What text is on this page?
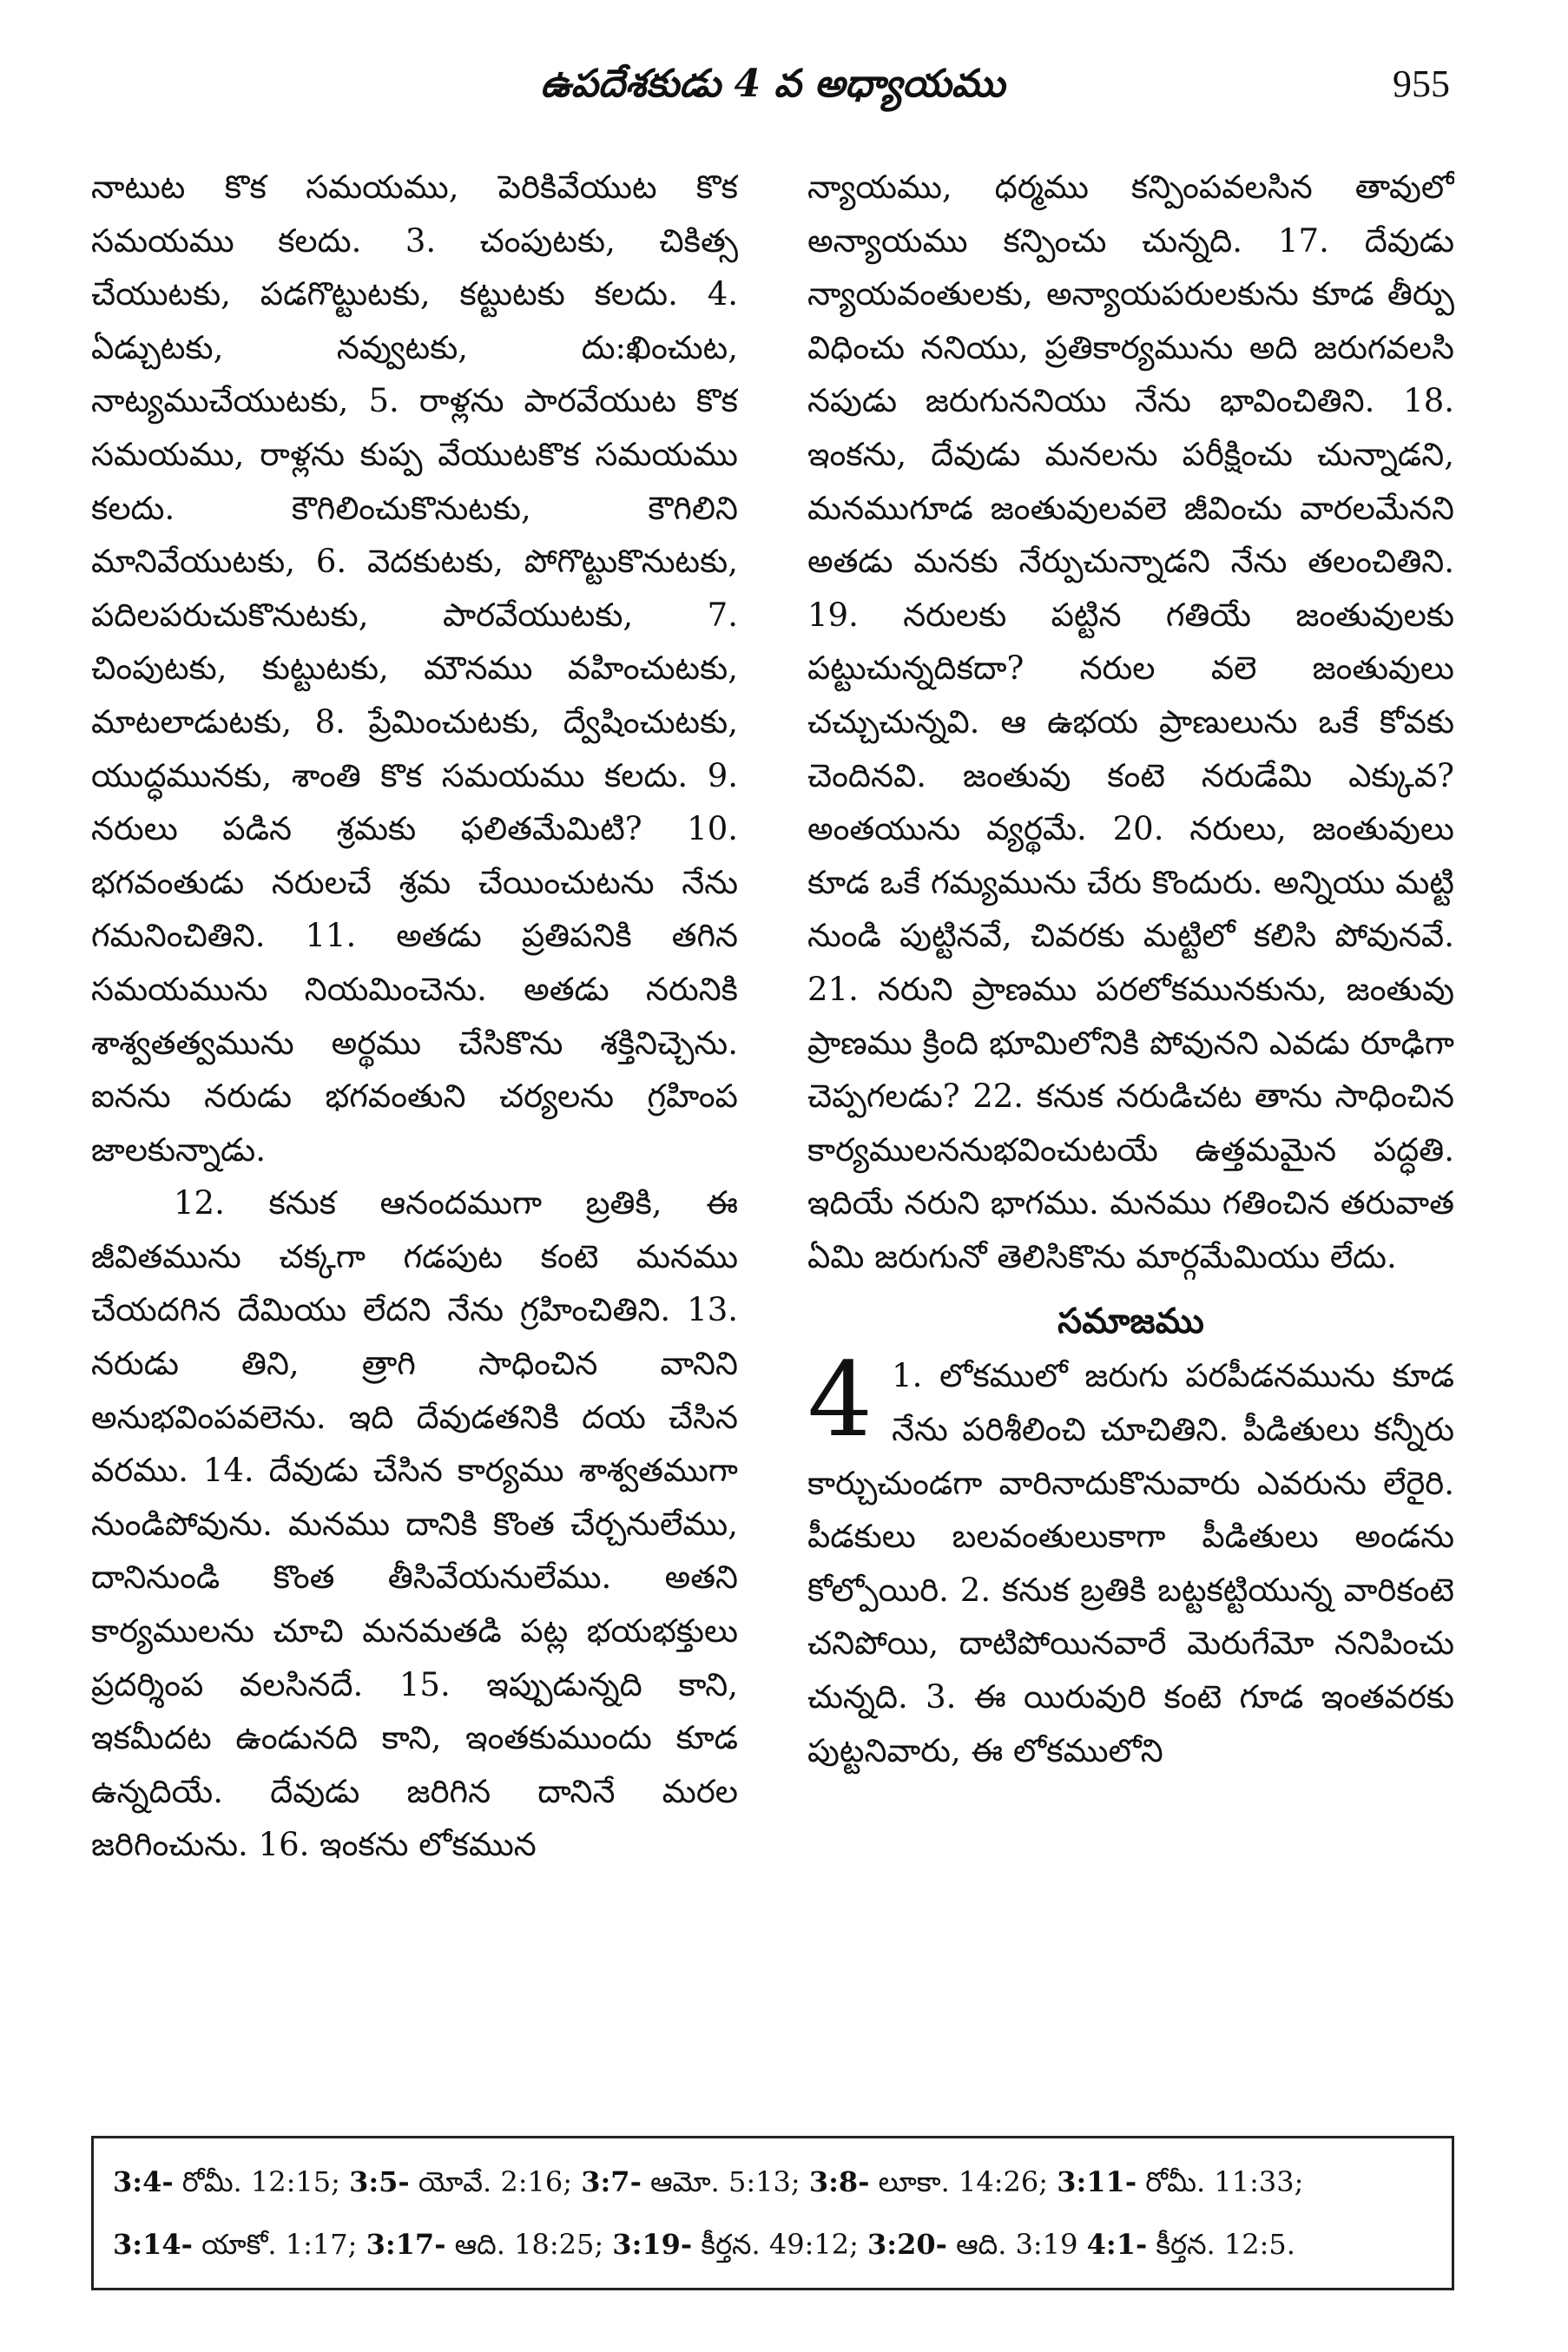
ఉపదేశకుడు 4 వ అధ్యాయము	955

నాటుట కొక సమయము, పెరికివేయుట కొక సమయము కలదు. 3. చంపుటకు, చికిత్స చేయుటకు, పడగొట్టుటకు, కట్టుటకు కలదు. 4. ఏడ్చుటకు, నవ్వుటకు, దు:ఖించుట, నాట్యముచేయుటకు, 5. రాళ్లను పారవేయుట కొక సమయము, రాళ్లను కుప్ప వేయుటకొక సమయము కలదు. కౌగిలించుకొనుటకు, కౌగిలిని మానివేయుటకు, 6. వెదకుటకు, పోగొట్టుకొనుటకు, పదిలపరుచుకొనుటకు, పారవేయుటకు, 7. చింపుటకు, కుట్టుటకు, మౌనము వహించుటకు, మాటలాడుటకు, 8. ప్రేమించుటకు, ద్వేషించుటకు, యుద్ధమునకు, శాంతి కొక సమయము కలదు. 9. నరులు పడిన శ్రమకు ఫలితమేమిటి? 10. భగవంతుడు నరులచే శ్రమ చేయించుటను నేను గమనించితిని. 11. అతడు ప్రతిపనికి తగిన సమయమును నియమించెను. అతడు నరునికి శాశ్వతత్వమును అర్థము చేసికొను శక్తినిచ్చెను. ఐనను నరుడు భగవంతుని చర్యలను గ్రహింప జాలకున్నాడు.

12. కనుక ఆనందముగా బ్రతికి, ఈ జీవితమును చక్కగా గడపుట కంటె మనము చేయదగిన దేమియు లేదని నేను గ్రహించితిని. 13. నరుడు తిని, త్రాగి సాధించిన వానిని అనుభవింపవలెను. ఇది దేవుడతనికి దయ చేసిన వరము. 14. దేవుడు చేసిన కార్యము శాశ్వతముగా నుండిపోవును. మనము దానికి కొంత చేర్చనులేము, దానినుండి కొంత తీసివేయనులేము. అతని కార్యములను చూచి మనమతడి పట్ల భయభక్తులు ప్రదర్శింప వలసినదే. 15. ఇప్పుడున్నది కాని, ఇకమీదట ఉండునది కాని, ఇంతకుముందు కూడ ఉన్నదియే. దేవుడు జరిగిన దానినే మరల జరిగించును. 16. ఇంకను లోకమున

న్యాయము, ధర్మము కన్పింపవలసిన తావులో అన్యాయము కన్పించు చున్నది. 17. దేవుడు న్యాయవంతులకు, అన్యాయపరులకును కూడ తీర్పు విధించు ననియు, ప్రతికార్యమును అది జరుగవలసి నపుడు జరుగుననియు నేను భావించితిని. 18. ఇంకను, దేవుడు మనలను పరీక్షించు చున్నాడని, మనముగూడ జంతువులవలె జీవించు వారలమేనని అతడు మనకు నేర్పుచున్నాడని నేను తలంచితిని. 19. నరులకు పట్టిన గతియే జంతువులకు పట్టుచున్నదికదా? నరుల వలె జంతువులు చచ్చుచున్నవి. ఆ ఉభయ ప్రాణులును ఒకే కోవకు చెందినవి. జంతువు కంటె నరుడేమి ఎక్కువ? అంతయును వ్యర్థమే. 20. నరులు, జంతువులు కూడ ఒకే గమ్యమును చేరు కొందురు. అన్నియు మట్టి నుండి పుట్టినవే, చివరకు మట్టిలో కలిసి పోవునవే. 21. నరుని ప్రాణము పరలోకమునకును, జంతువు ప్రాణము క్రింది భూమిలోనికి పోవునని ఎవడు రూఢిగా చెప్పగలడు? 22. కనుక నరుడిచట తాను సాధించిన కార్యములననుభవించుటయే ఉత్తమమైన పద్ధతి. ఇదియే నరుని భాగము. మనము గతించిన తరువాత ఏమి జరుగునో తెలిసికొను మార్గమేమియు లేదు.

సమాజము

4 1. లోకములో జరుగు పరపీడనమును కూడ నేను పరిశీలించి చూచితిని. పీడితులు కన్నీరు కార్చుచుండగా వారినాదుకొనువారు ఎవరును లేరైరి. పీడకులు బలవంతులుకాగా పీడితులు అండను కోల్పోయిరి. 2. కనుక బ్రతికి బట్టకట్టియున్న వారికంటె చనిపోయి, దాటిపోయినవారే మెరుగేమో ననిపించు చున్నది. 3. ఈ యిరువురి కంటె గూడ ఇంతవరకు పుట్టనివారు, ఈ లోకములోని

3:4- రోమీ. 12:15; 3:5- యోవే. 2:16; 3:7- ఆమో. 5:13; 3:8- లూకా. 14:26; 3:11- రోమీ. 11:33;
3:14- యాకో. 1:17; 3:17- ఆది. 18:25; 3:19- కీర్తన. 49:12; 3:20- ఆది. 3:19 4:1- కీర్తన. 12:5.
